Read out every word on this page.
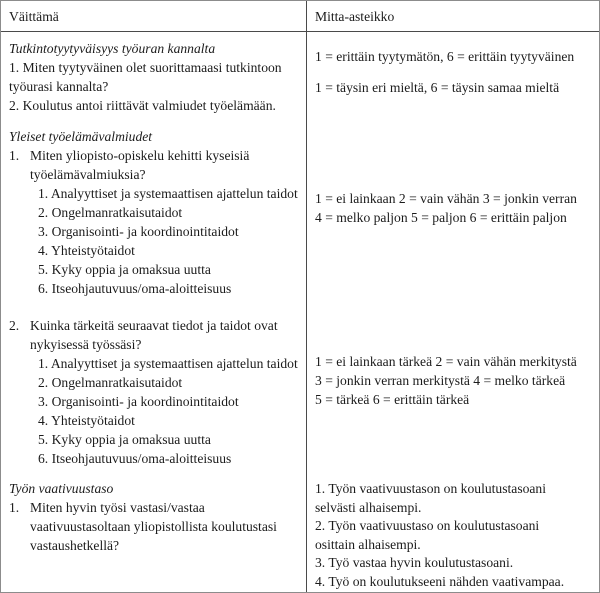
Väittämä
Tutkintotyytyväisyys työuran kannalta
1. Miten tyytyväinen olet suorittamaasi tutkintoon
työurasi kannalta?
2. Koulutus antoi riittävät valmiudet työelämään.
Yleiset työelämävalmiudet
1. Miten yliopisto-opiskelu kehitti kyseisiä
työelämävalmiuksia?
1. Analyyttiset ja systemaattisen ajattelun taidot
2. Ongelmanratkaisutaidot
3. Organisointi- ja koordinointitaidot
4. Yhteistyötaidot
5. Kyky oppia ja omaksua uutta
6. Itseohjautuvuus/oma-aloitteisuus
2. Kuinka tärkeitä seuraavat tiedot ja taidot ovat
nykyisessä työssäsi?
1. Analyyttiset ja systemaattisen ajattelun taidot
2. Ongelmanratkaisutaidot
3. Organisointi- ja koordinointitaidot
4. Yhteistyötaidot
5. Kyky oppia ja omaksua uutta
6. Itseohjautuvuus/oma-aloitteisuus
Työn vaativuustaso
1. Miten hyvin työsi vastasi/vastaa
vaativuustasoltaan yliopistollista koulutustasi
vastaushetkellä?
Mitta-asteikko
1 = erittäin tyytymätön, 6 = erittäin tyytyväinen
1 = täysin eri mieltä, 6 = täysin samaa mieltä
1 = ei lainkaan 2 = vain vähän 3 = jonkin verran
4 = melko paljon 5 = paljon 6 = erittäin paljon
1 = ei lainkaan tärkeä 2 = vain vähän merkitystä
3 = jonkin verran merkitystä 4 = melko tärkeä
5 = tärkeä 6 = erittäin tärkeä
1. Työn vaativuustason on koulutustasoani
selvästi alhaisempi.
2. Työn vaativuustaso on koulutustasoani
osittain alhaisempi.
3. Työ vastaa hyvin koulutustasoani.
4. Työ on koulutukseeni nähden vaativampaa.
